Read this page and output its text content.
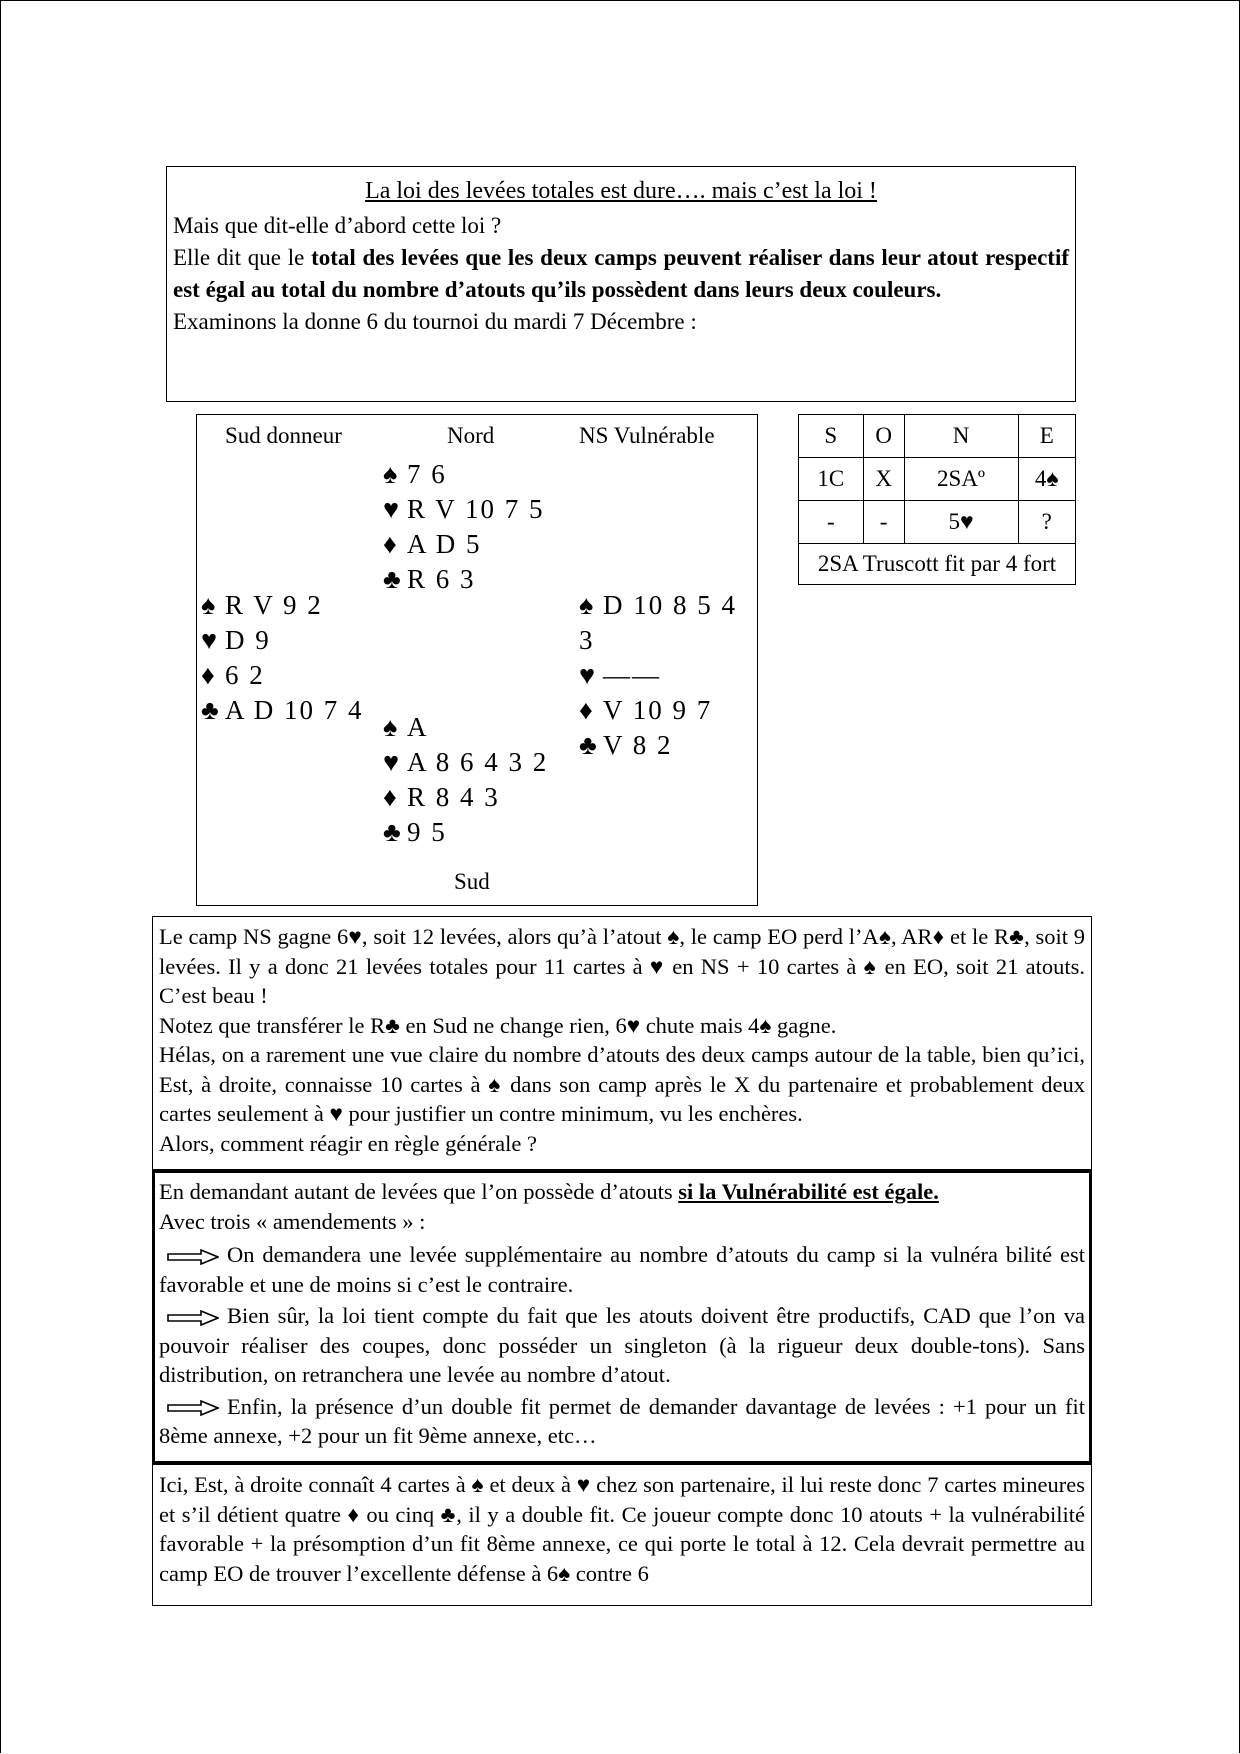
La loi des levées totales est dure…. mais c’est la loi !

Mais que dit-elle d’abord cette loi ?

Elle dit que le total des levées que les deux camps peuvent réaliser dans leur atout respectif est égal au total du nombre d’atouts qu’ils possèdent dans leurs deux couleurs.

Examinons la donne 6 du tournoi du mardi 7 Décembre :

Sud donneur	Nord	NS Vulnérable
Sud
♠ 7 6
♥ R V 10 7 5
♦ A D 5
♣ R 6 3
♠ R V 9 2
♥ D 9
♦ 6 2
♣ A D 10 7 4
♠ D 10 8 5 4 3
♥ ——
♦ V 10 9 7
♣ V 8 2
♠ A
♥ A 8 6 4 3 2
♦ R 8 4 3
♣ 9 5
S	O	N	E
1C	X	2SAº	4♠
-	-	5♥	?
2SA Truscott fit par 4 fort			

Le camp NS gagne 6♥, soit 12 levées, alors qu’à l’atout ♠, le camp EO perd l’A♠, AR♦ et le R♣, soit 9 levées. Il y a donc 21 levées totales pour 11 cartes à ♥ en NS + 10 cartes à ♠ en EO, soit 21 atouts. C’est beau !

Notez que transférer le R♣ en Sud ne change rien, 6♥ chute mais 4♠ gagne.

Hélas, on a rarement une vue claire du nombre d’atouts des deux camps autour de la table, bien qu’ici, Est, à droite, connaisse 10 cartes à ♠ dans son camp après le X du partenaire et probablement deux cartes seulement à ♥ pour justifier un contre minimum, vu les enchères.

Alors, comment réagir en règle générale ?

En demandant autant de levées que l’on possède d’atouts si la Vulnérabilité est égale.

Avec trois « amendements » :

On demandera une levée supplémentaire au nombre d’atouts du camp si la vulnéra bilité est favorable et une de moins si c’est le contraire.

Bien sûr, la loi tient compte du fait que les atouts doivent être productifs, CAD que l’on va pouvoir réaliser des coupes, donc posséder un singleton (à la rigueur deux double-tons). Sans distribution, on retranchera une levée au nombre d’atout.

Enfin, la présence d’un double fit permet de demander davantage de levées : +1 pour un fit 8ème annexe, +2 pour un fit 9ème annexe, etc…

Ici, Est, à droite connaît 4 cartes à ♠ et deux à ♥ chez son partenaire, il lui reste donc 7 cartes mineures et s’il détient quatre ♦ ou cinq ♣, il y a double fit. Ce joueur compte donc 10 atouts + la vulnérabilité favorable + la présomption d’un fit 8ème annexe, ce qui porte le total à 12. Cela devrait permettre au camp EO de trouver l’excellente défense à 6♠ contre 6
